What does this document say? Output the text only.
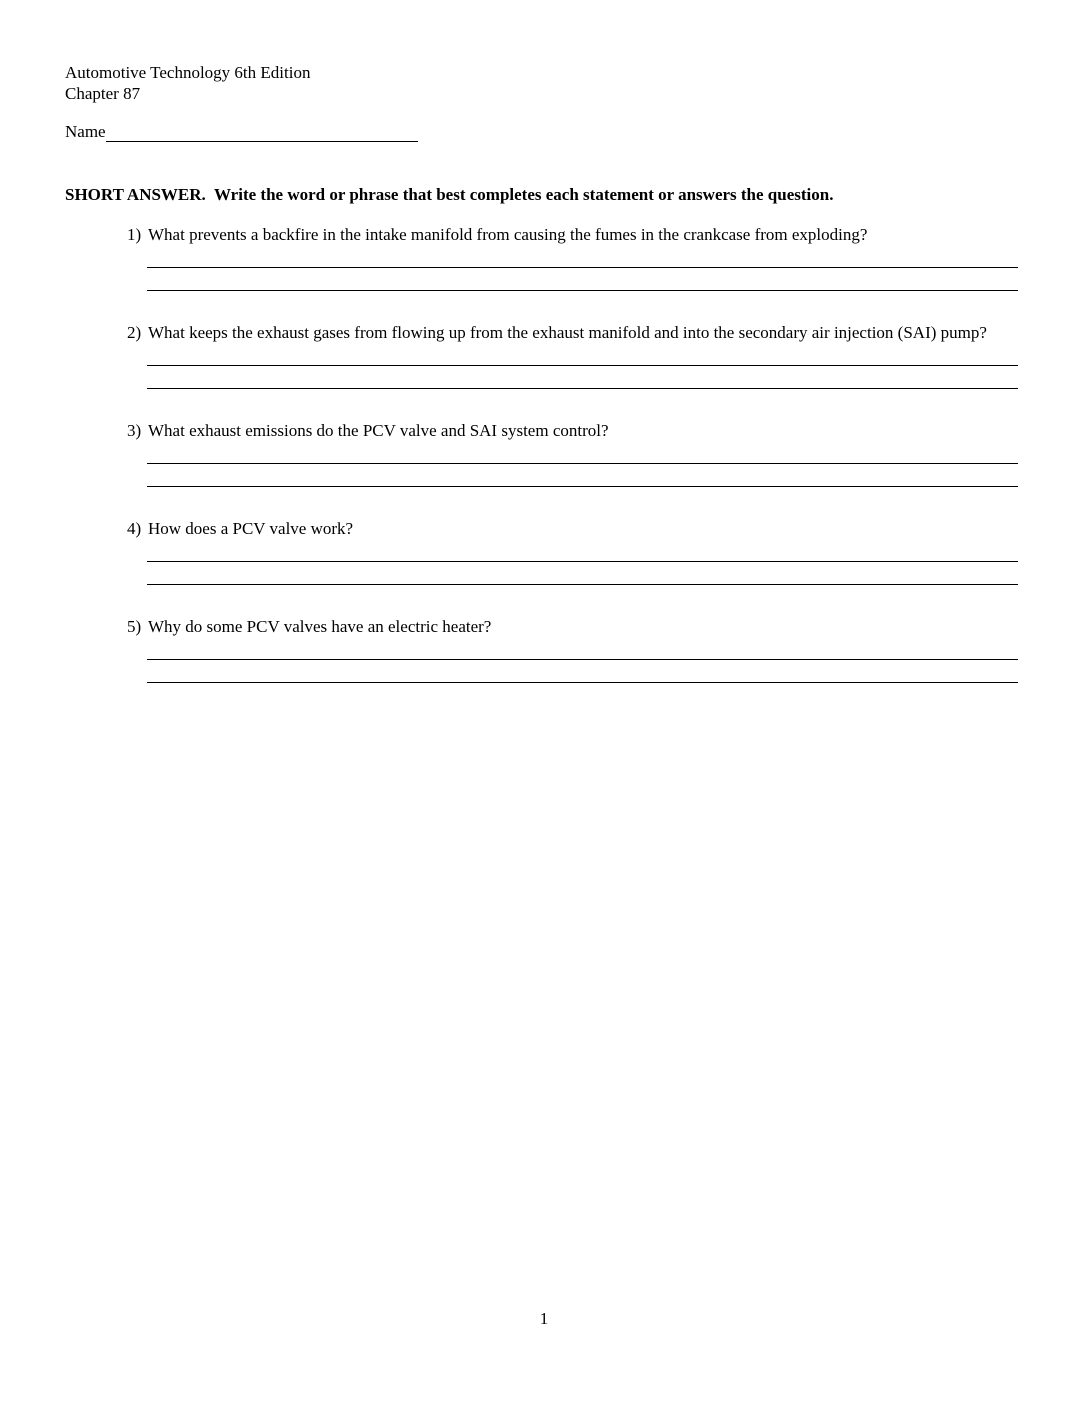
Automotive Technology 6th Edition
Chapter 87
Name
SHORT ANSWER.  Write the word or phrase that best completes each statement or answers the question.
1) What prevents a backfire in the intake manifold from causing the fumes in the crankcase from exploding?
2) What keeps the exhaust gases from flowing up from the exhaust manifold and into the secondary air injection (SAI) pump?
3) What exhaust emissions do the PCV valve and SAI system control?
4) How does a PCV valve work?
5) Why do some PCV valves have an electric heater?
1
